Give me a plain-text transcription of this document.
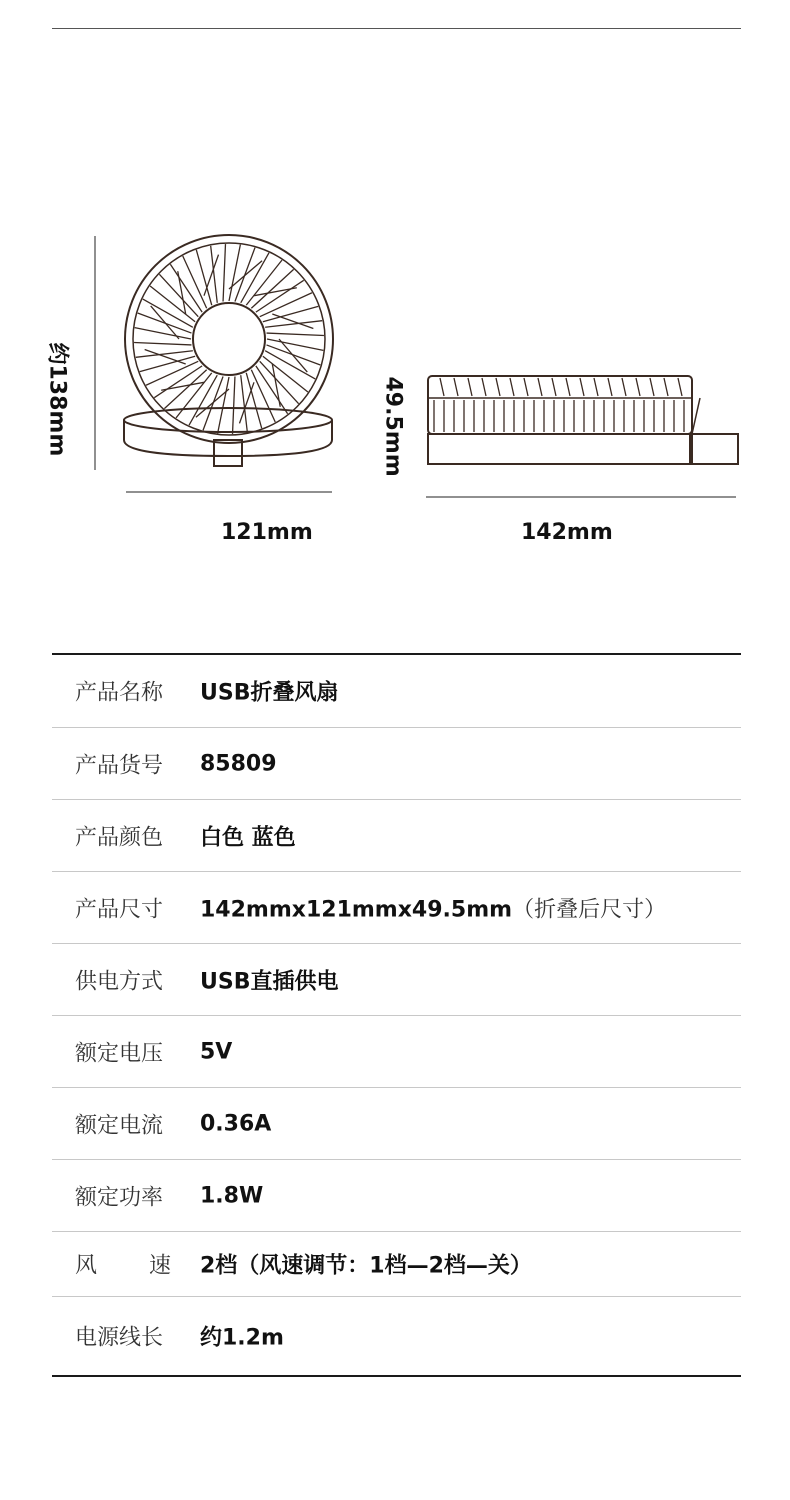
约138mm
121mm
49.5mm
142mm
产品名称 USB折叠风扇
产品货号 85809
产品颜色 白色 蓝色
产品尺寸 142mmx121mmx49.5mm（折叠后尺寸）
供电方式 USB直插供电
额定电压 5V
额定电流 0.36A
额定功率 1.8W
风 速 2档（风速调节：1档—2档—关）
电源线长 约1.2m
